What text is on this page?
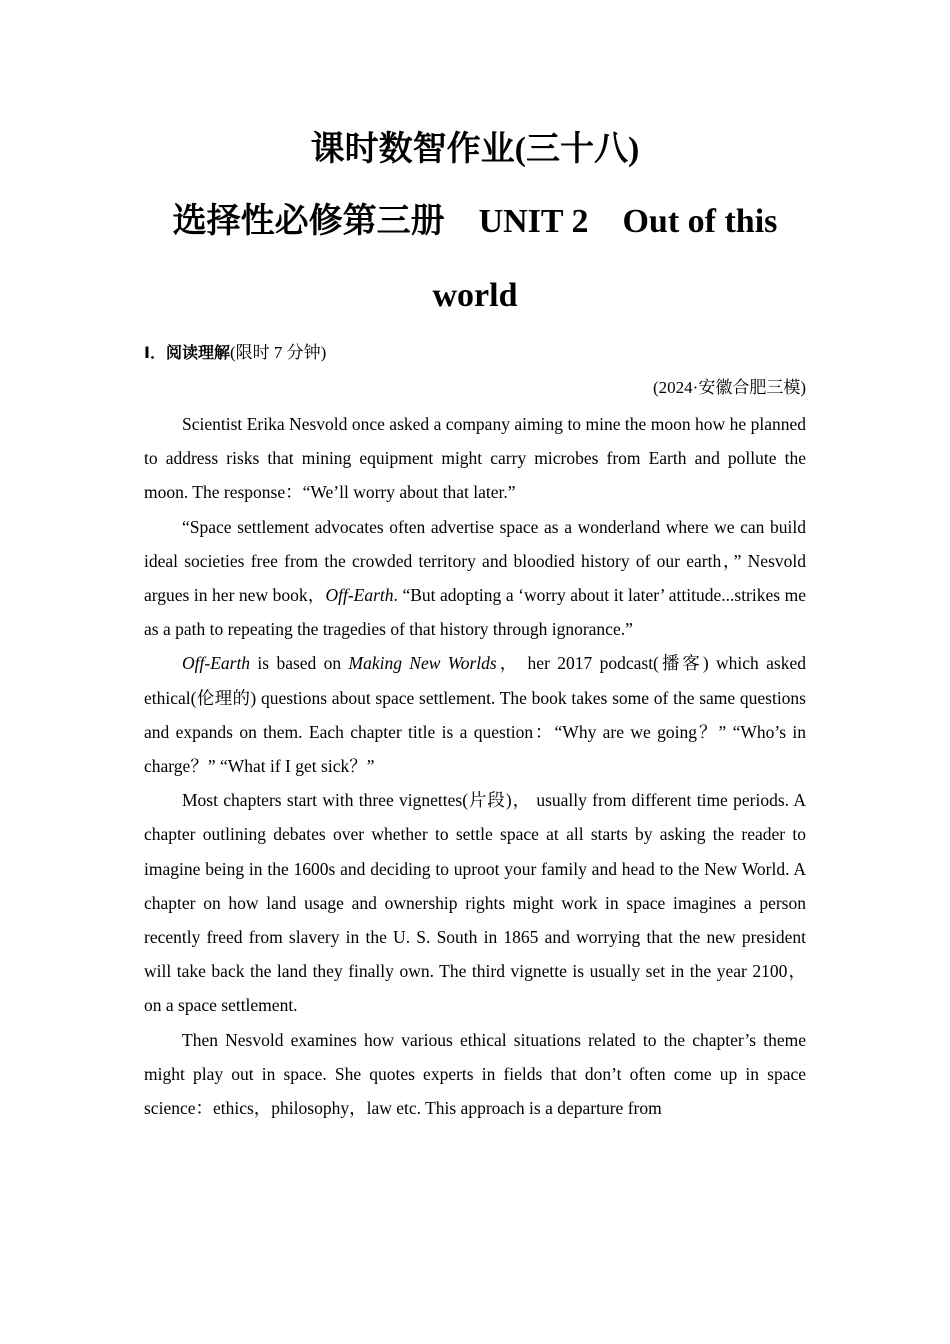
课时数智作业(三十八)
选择性必修第三册 UNIT 2 Out of this
world
Ⅰ．阅读理解(限时 7 分钟)
(2024·安徽合肥三模)

Scientist Erika Nesvold once asked a company aiming to mine the moon how he planned to address risks that mining equipment might carry microbes from Earth and pollute the moon. The response：“We’ll worry about that later.”

“Space settlement advocates often advertise space as a wonderland where we can build ideal societies free from the crowded territory and bloodied history of our earth，” Nesvold argues in her new book，Off-Earth. “But adopting a ‘worry about it later’ attitude...strikes me as a path to repeating the tragedies of that history through ignorance.”

Off-Earth is based on Making New Worlds， her 2017 podcast(播客) which asked ethical(伦理的) questions about space settlement. The book takes some of the same questions and expands on them. Each chapter title is a question：“Why are we going？” “Who’s in charge？” “What if I get sick？”

Most chapters start with three vignettes(片段)， usually from different time periods. A chapter outlining debates over whether to settle space at all starts by asking the reader to imagine being in the 1600s and deciding to uproot your family and head to the New World. A chapter on how land usage and ownership rights might work in space imagines a person recently freed from slavery in the U. S. South in 1865 and worrying that the new president will take back the land they finally own. The third vignette is usually set in the year 2100， on a space settlement.

Then Nesvold examines how various ethical situations related to the chapter’s theme might play out in space. She quotes experts in fields that don’t often come up in space science：ethics，philosophy，law etc. This approach is a departure from
